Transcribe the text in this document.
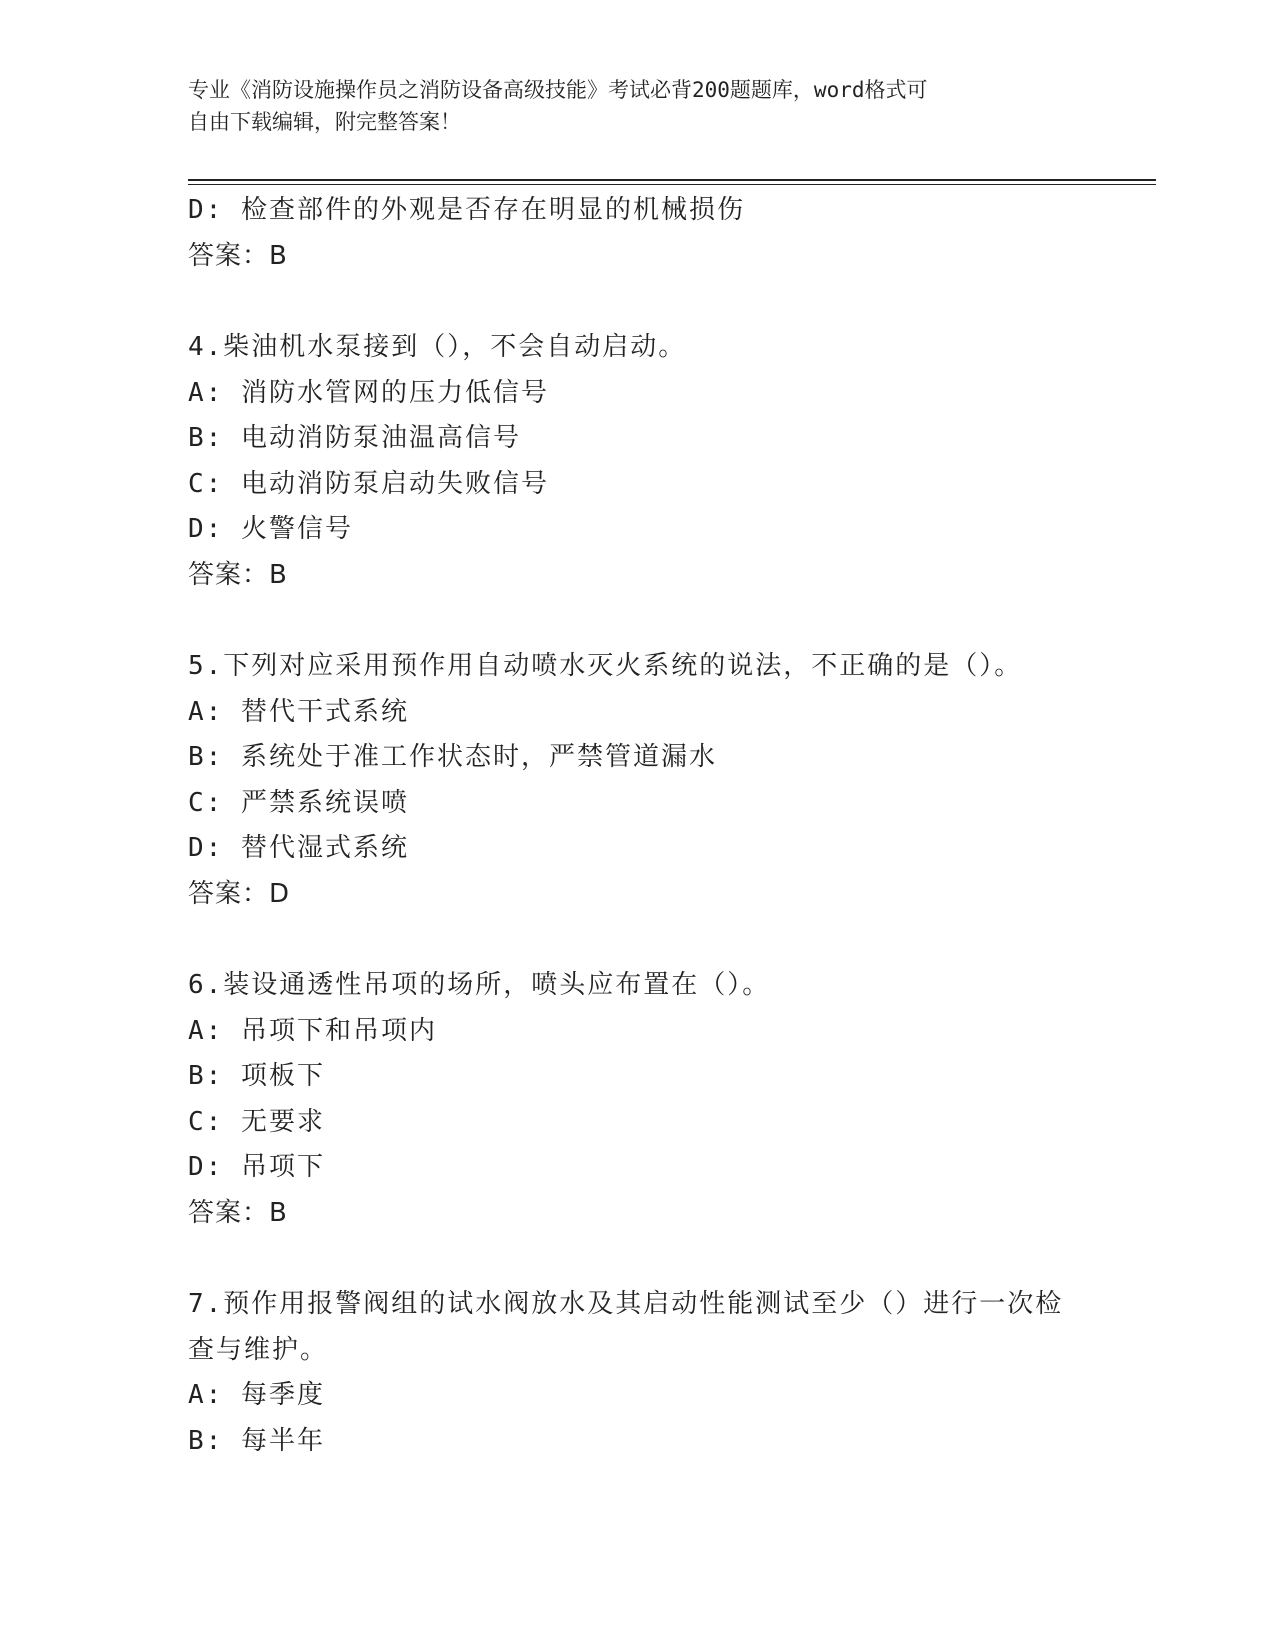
专业《消防设施操作员之消防设备高级技能》考试必背200题题库，word格式可
自由下载编辑，附完整答案！
D: 检查部件的外观是否存在明显的机械损伤
答案：B
4.柴油机水泵接到（），不会自动启动。
A: 消防水管网的压力低信号
B: 电动消防泵油温高信号
C: 电动消防泵启动失败信号
D: 火警信号
答案：B
5.下列对应采用预作用自动喷水灭火系统的说法，不正确的是（）。
A: 替代干式系统
B: 系统处于准工作状态时，严禁管道漏水
C: 严禁系统误喷
D: 替代湿式系统
答案：D
6.装设通透性吊项的场所，喷头应布置在（）。
A: 吊项下和吊项内
B: 项板下
C: 无要求
D: 吊项下
答案：B
7.预作用报警阀组的试水阀放水及其启动性能测试至少（）进行一次检查与维护。
A: 每季度
B: 每半年
